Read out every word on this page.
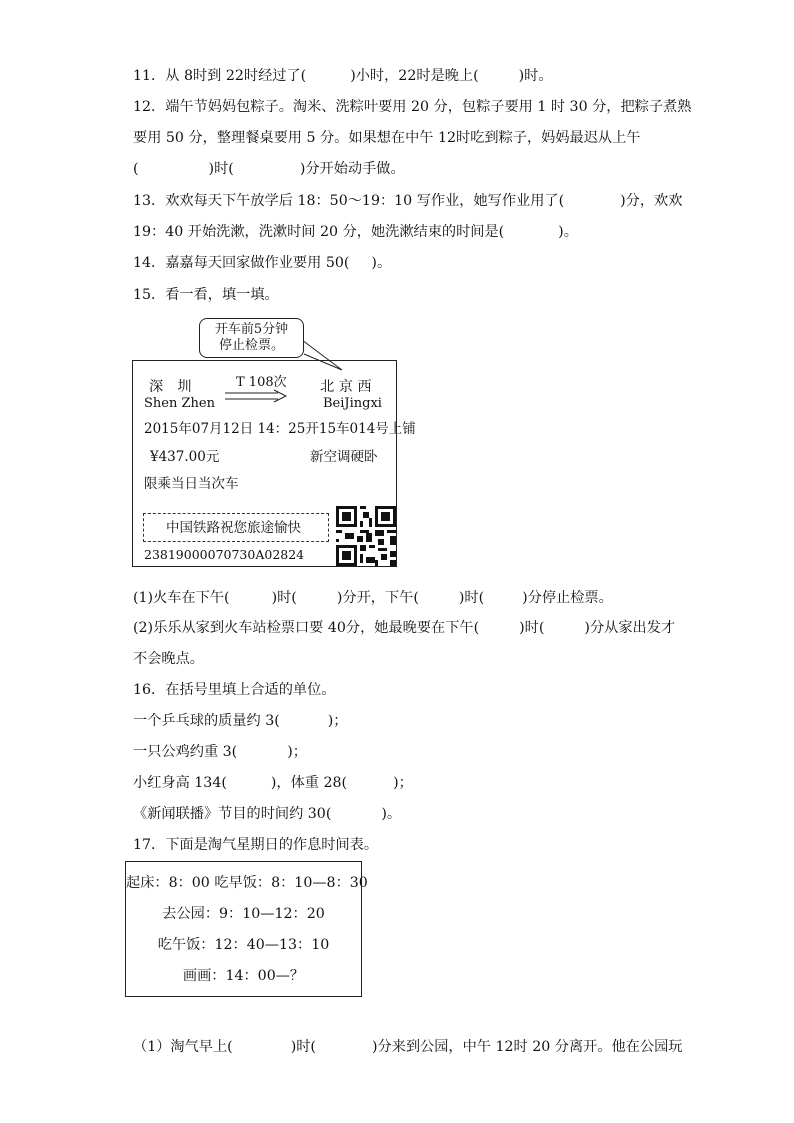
11．从 8时到 22时经过了(	)小时，22时是晚上(	)时。
12．端午节妈妈包粽子。淘米、洗粽叶要用 20 分，包粽子要用 1 时 30 分，把粽子煮熟
要用 50 分，整理餐桌要用 5 分。如果想在中午 12时吃到粽子，妈妈最迟从上午
(	)时(	)分开始动手做。
13．欢欢每天下午放学后 18：50～19：10 写作业，她写作业用了(	)分，欢欢
19：40 开始洗漱，洗漱时间 20 分，她洗漱结束的时间是(	)。
14．嘉嘉每天回家做作业要用 50( )。
15．看一看，填一填。
开车前5分钟
停止检票。
深　圳
Shen Zhen
T 108次 北 京 西
BeiJingxi
2015年07月12日 14：25开15车014号上铺
¥437.00元	新空调硬卧
限乘当日当次车
中国铁路祝您旅途愉快
23819000070730A02824
(1)火车在下午(	)时(	)分开，下午(	)时(	)分停止检票。
(2)乐乐从家到火车站检票口要 40分，她最晚要在下午(	)时(	)分从家出发才
不会晚点。
16．在括号里填上合适的单位。
一个乒乓球的质量约 3(	)；
一只公鸡约重 3(	)；
小红身高 134(	)，体重 28(	)；
《新闻联播》节目的时间约 30(	)。
17．下面是淘气星期日的作息时间表。
起床：8：00 吃早饭：8：10—8：30
去公园：9：10—12：20
吃午饭：12：40—13：10
画画：14：00—？
（1）淘气早上(	)时(	)分来到公园，中午 12时 20 分离开。他在公园玩
